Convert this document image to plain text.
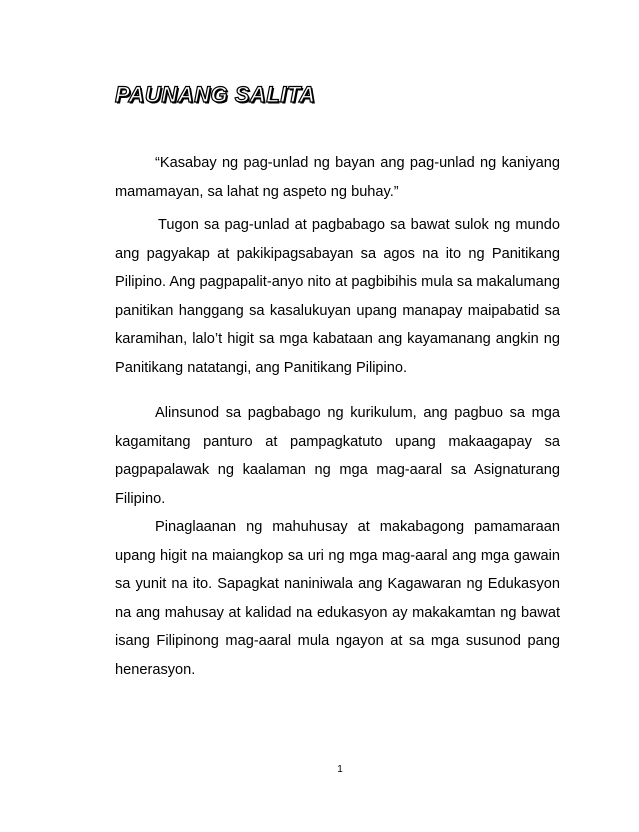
PAUNANG SALITA

“Kasabay ng pag-unlad ng bayan ang pag-unlad ng kaniyang mamamayan, sa lahat ng aspeto ng buhay.”

Tugon sa pag-unlad at pagbabago sa bawat sulok ng mundo ang pagyakap at pakikipagsabayan sa agos na ito ng Panitikang Pilipino. Ang pagpapalit-anyo nito at pagbibihis mula sa makalumang panitikan hanggang sa kasalukuyan upang manapay maipabatid sa karamihan, lalo’t higit sa mga kabataan ang kayamanang angkin ng Panitikang natatangi, ang Panitikang Pilipino.

Alinsunod sa pagbabago ng kurikulum, ang pagbuo sa mga kagamitang panturo at pampagkatuto upang makaagapay sa pagpapalawak ng kaalaman ng mga mag-aaral sa Asignaturang Filipino.

Pinaglaanan ng mahuhusay at makabagong pamamaraan upang higit na maiangkop sa uri ng mga mag-aaral ang mga gawain sa yunit na ito. Sapagkat naniniwala ang Kagawaran ng Edukasyon na ang mahusay at kalidad na edukasyon ay makakamtan ng bawat isang Filipinong mag-aaral mula ngayon at sa mga susunod pang henerasyon.

1
